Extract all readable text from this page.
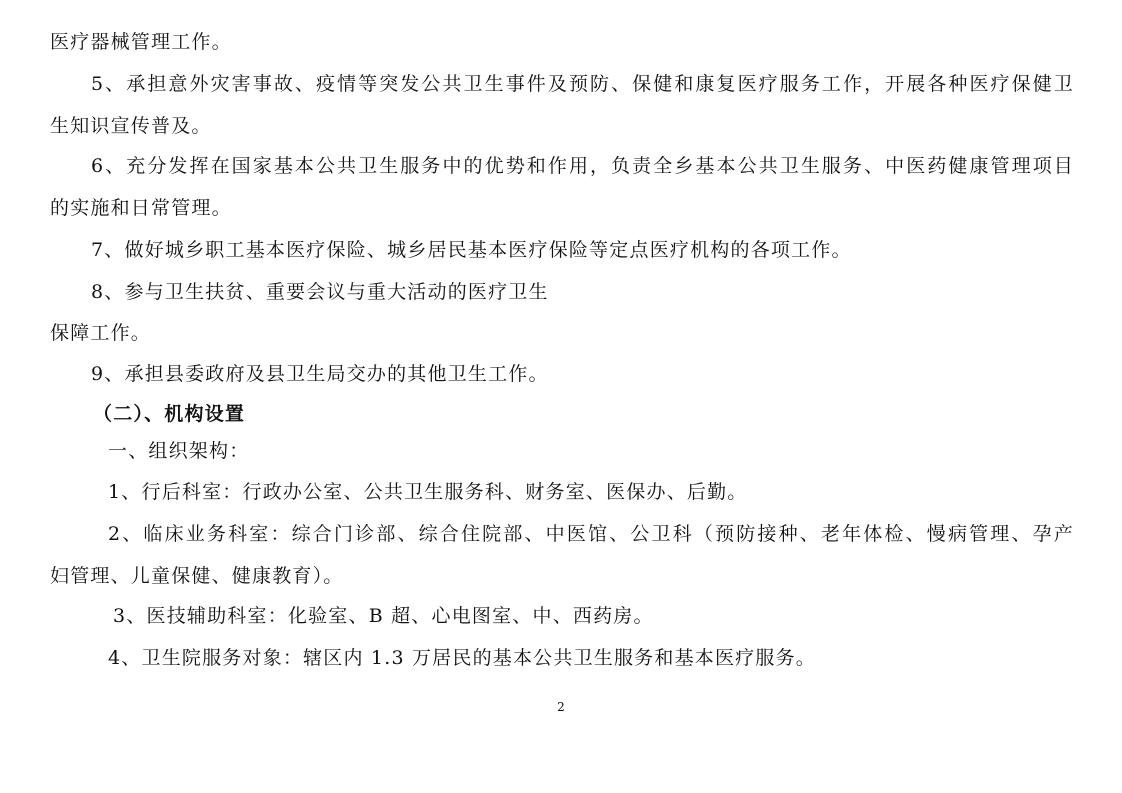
医疗器械管理工作。
5、承担意外灾害事故、疫情等突发公共卫生事件及预防、保健和康复医疗服务工作，开展各种医疗保健卫
生知识宣传普及。
6、充分发挥在国家基本公共卫生服务中的优势和作用，负责全乡基本公共卫生服务、中医药健康管理项目
的实施和日常管理。
7、做好城乡职工基本医疗保险、城乡居民基本医疗保险等定点医疗机构的各项工作。
8、参与卫生扶贫、重要会议与重大活动的医疗卫生
保障工作。
9、承担县委政府及县卫生局交办的其他卫生工作。
（二）、机构设置
一、组织架构：
1、行后科室：行政办公室、公共卫生服务科、财务室、医保办、后勤。
2、临床业务科室：综合门诊部、综合住院部、中医馆、公卫科（预防接种、老年体检、慢病管理、孕产
妇管理、儿童保健、健康教育）。
3、医技辅助科室：化验室、B 超、心电图室、中、西药房。
4、卫生院服务对象：辖区内 1.3 万居民的基本公共卫生服务和基本医疗服务。
2
